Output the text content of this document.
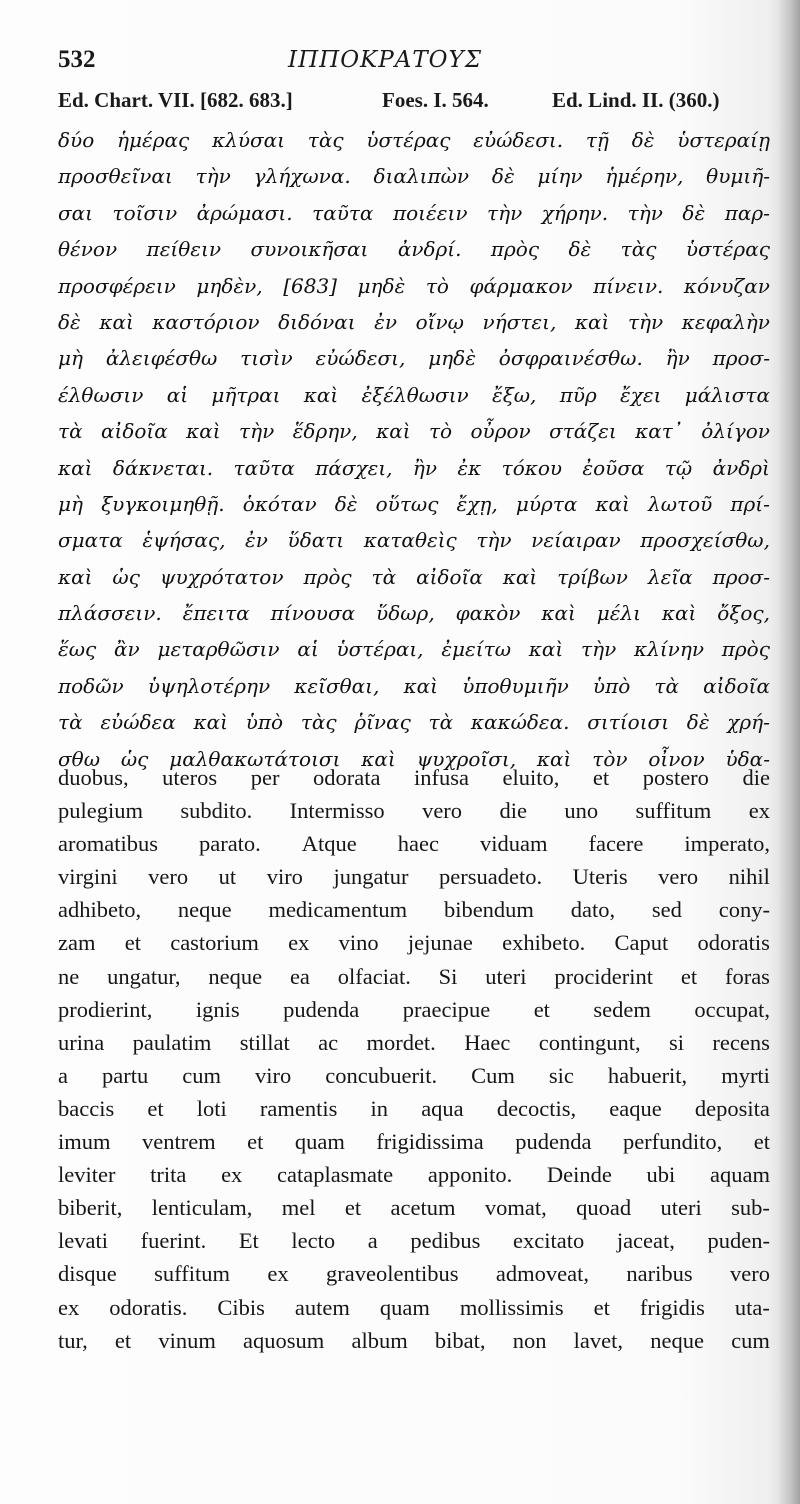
532	ΙΠΠΟΚΡΑΤΟΥΣ
Ed. Chart. VII. [682. 683.]	Foes. I. 564.	Ed. Lind. II. (360.)
δύο ἡμέρας κλύσαι τὰς ὑστέρας εὐώδεσι. τῇ δὲ ὑστεραίῃ
προσθεῖναι τὴν γλήχωνα. διαλιπὼν δὲ μίην ἡμέρην, θυμιῆ-
σαι τοῖσιν ἀρώμασι. ταῦτα ποιέειν τὴν χήρην. τὴν δὲ παρ-
θένον πείθειν συνοικῆσαι ἀνδρί. πρὸς δὲ τὰς ὑστέρας
προσφέρειν μηδὲν, [683] μηδὲ τὸ φάρμακον πίνειν. κόνυζαν
δὲ καὶ καστόριον διδόναι ἐν οἴνῳ νήστει, καὶ τὴν κεφαλὴν
μὴ ἀλειφέσθω τισὶν εὐώδεσι, μηδὲ ὀσφραινέσθω. ἢν προσ-
έλθωσιν αἱ μῆτραι καὶ ἐξέλθωσιν ἔξω, πῦρ ἔχει μάλιστα
τὰ αἰδοῖα καὶ τὴν ἕδρην, καὶ τὸ οὖρον στάζει κατ᾽ ὀλίγον
καὶ δάκνεται. ταῦτα πάσχει, ἢν ἐκ τόκου ἐοῦσα τῷ ἀνδρὶ
μὴ ξυγκοιμηθῇ. ὁκόταν δὲ οὕτως ἔχῃ, μύρτα καὶ λωτοῦ πρί-
σματα ἑψήσας, ἐν ὕδατι καταθεὶς τὴν νείαιραν προσχείσθω,
καὶ ὡς ψυχρότατον πρὸς τὰ αἰδοῖα καὶ τρίβων λεῖα προσ-
πλάσσειν. ἔπειτα πίνουσα ὕδωρ, φακὸν καὶ μέλι καὶ ὄξος,
ἕως ἂν μεταρθῶσιν αἱ ὑστέραι, ἐμείτω καὶ τὴν κλίνην πρὸς
ποδῶν ὑψηλοτέρην κεῖσθαι, καὶ ὑποθυμιῆν ὑπὸ τὰ αἰδοῖα
τὰ εὐώδεα καὶ ὑπὸ τὰς ῥῖνας τὰ κακώδεα. σιτίοισι δὲ χρή-
σθω ὡς μαλθακωτάτοισι καὶ ψυχροῖσι, καὶ τὸν οἶνον ὑδα-
duobus, uteros per odorata infusa eluito, et postero die
pulegium subdito. Intermisso vero die uno suffitum ex
aromatibus parato. Atque haec viduam facere imperato,
virgini vero ut viro jungatur persuadeto. Uteris vero nihil
adhibeto, neque medicamentum bibendum dato, sed cony-
zam et castorium ex vino jejunae exhibeto. Caput odoratis
ne ungatur, neque ea olfaciat. Si uteri prociderint et foras
prodierint, ignis pudenda praecipue et sedem occupat,
urina paulatim stillat ac mordet. Haec contingunt, si recens
a partu cum viro concubuerit. Cum sic habuerit, myrti
baccis et loti ramentis in aqua decoctis, eaque deposita
imum ventrem et quam frigidissima pudenda perfundito, et
leviter trita ex cataplasmate apponito. Deinde ubi aquam
biberit, lenticulam, mel et acetum vomat, quoad uteri sub-
levati fuerint. Et lecto a pedibus excitato jaceat, puden-
disque suffitum ex graveolentibus admoveat, naribus vero
ex odoratis. Cibis autem quam mollissimis et frigidis uta-
tur, et vinum aquosum album bibat, non lavet, neque cum
